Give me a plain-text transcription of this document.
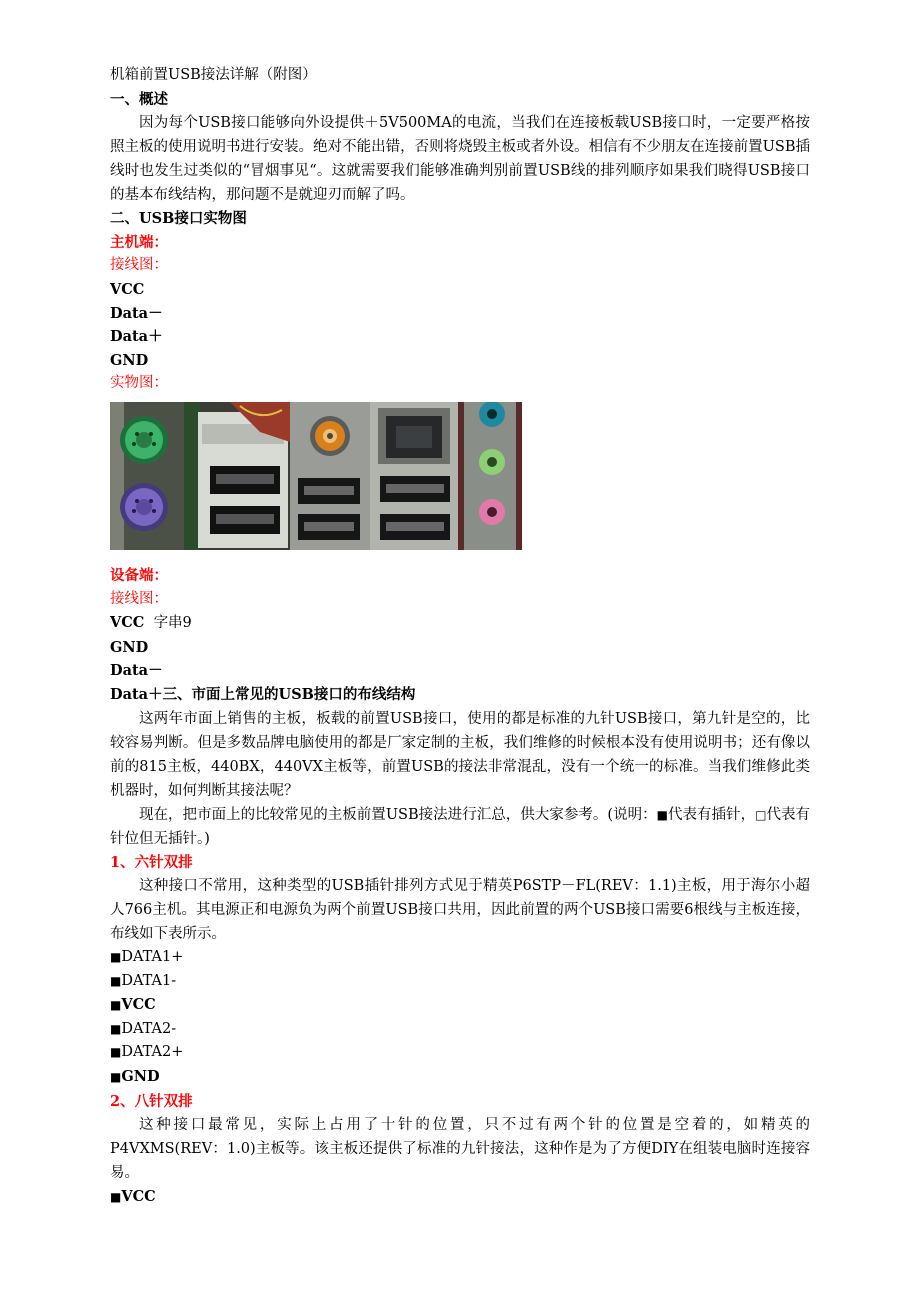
机箱前置USB接法详解（附图）
一、概述
因为每个USB接口能够向外设提供＋5V500MA的电流，当我们在连接板载USB接口时，一定要严格按照主板的使用说明书进行安装。绝对不能出错，否则将烧毁主板或者外设。相信有不少朋友在连接前置USB插线时也发生过类似的“冒烟事见“。这就需要我们能够准确判别前置USB线的排列顺序如果我们晓得USB接口的基本布线结构，那问题不是就迎刃而解了吗。
二、USB接口实物图
主机端：
接线图：
VCC
Data－
Data＋
GND
实物图：
设备端：
接线图：
VCC 字串9
GND
Data－
Data＋三、市面上常见的USB接口的布线结构
这两年市面上销售的主板，板载的前置USB接口，使用的都是标准的九针USB接口，第九针是空的，比较容易判断。但是多数品牌电脑使用的都是厂家定制的主板，我们维修的时候根本没有使用说明书；还有像以前的815主板，440BX，440VX主板等，前置USB的接法非常混乱，没有一个统一的标准。当我们维修此类机器时，如何判断其接法呢？
现在，把市面上的比较常见的主板前置USB接法进行汇总，供大家参考。(说明：■代表有插针，□代表有针位但无插针。)
1、六针双排
这种接口不常用，这种类型的USB插针排列方式见于精英P6STP－FL(REV：1.1)主板，用于海尔小超人766主机。其电源正和电源负为两个前置USB接口共用，因此前置的两个USB接口需要6根线与主板连接，布线如下表所示。
■DATA1+
■DATA1-
■VCC
■DATA2-
■DATA2+
■GND
2、八针双排
这种接口最常见，实际上占用了十针的位置，只不过有两个针的位置是空着的，如精英的P4VXMS(REV：1.0)主板等。该主板还提供了标准的九针接法，这种作是为了方便DIY在组装电脑时连接容易。
■VCC
